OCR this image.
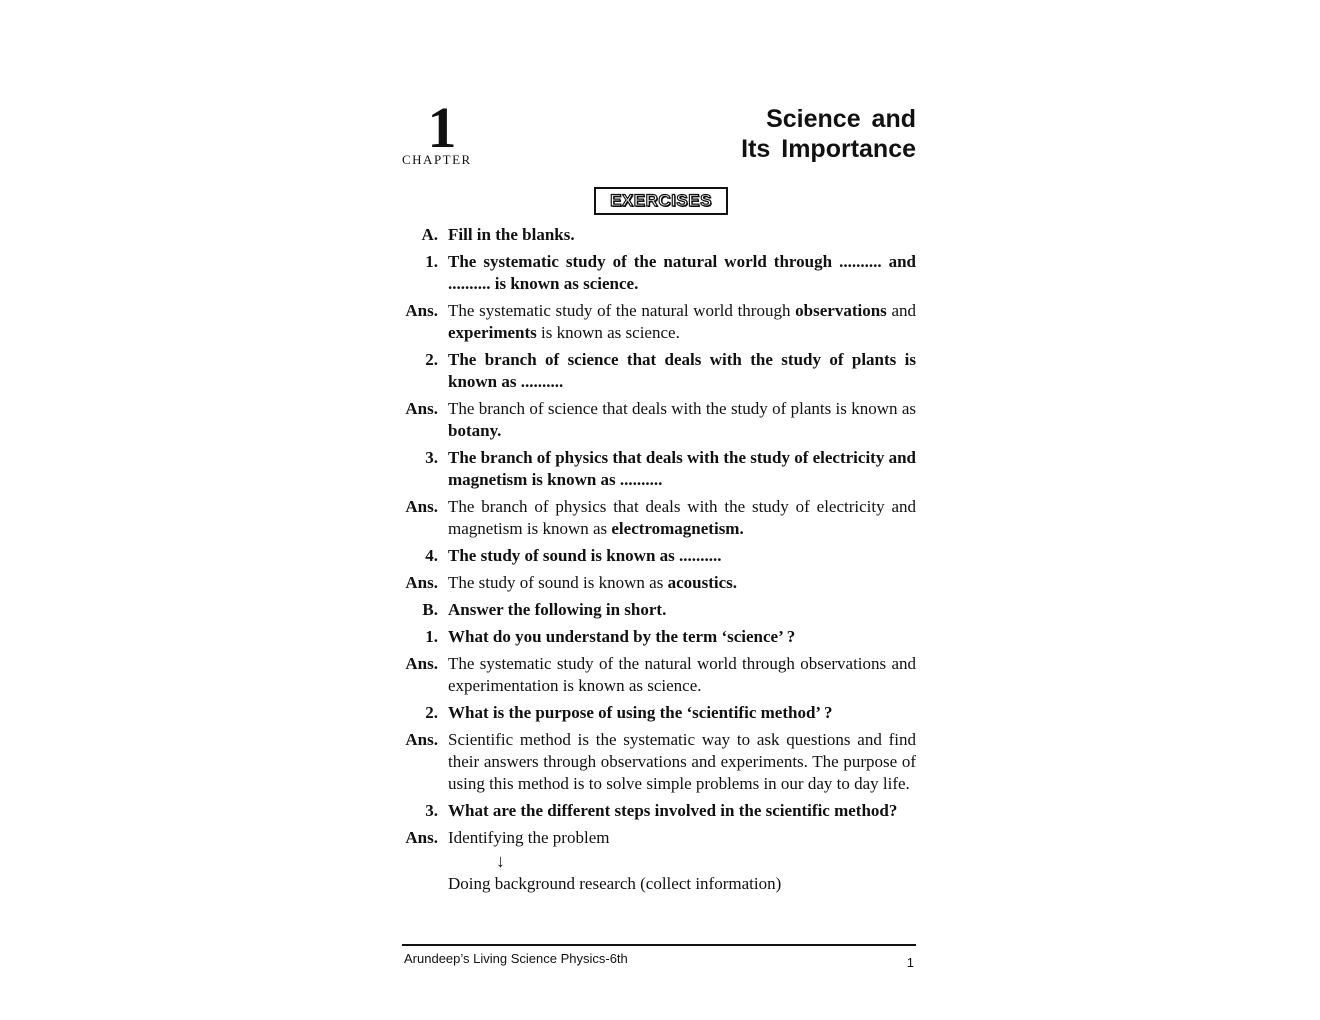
1
CHAPTER
Science and
Its Importance
EXERCISES
A. Fill in the blanks.
1. The systematic study of the natural world through .......... and .......... is known as science.
Ans. The systematic study of the natural world through observations and experiments is known as science.
2. The branch of science that deals with the study of plants is known as ..........
Ans. The branch of science that deals with the study of plants is known as botany.
3. The branch of physics that deals with the study of electricity and magnetism is known as ..........
Ans. The branch of physics that deals with the study of electricity and magnetism is known as electromagnetism.
4. The study of sound is known as ..........
Ans. The study of sound is known as acoustics.
B. Answer the following in short.
1. What do you understand by the term ‘science’ ?
Ans. The systematic study of the natural world through observations and experimentation is known as science.
2. What is the purpose of using the ‘scientific method’ ?
Ans. Scientific method is the systematic way to ask questions and find their answers through observations and experiments. The purpose of using this method is to solve simple problems in our day to day life.
3. What are the different steps involved in the scientific method?
Ans. Identifying the problem
↓
Doing background research (collect information)
Arundeep’s Living Science Physics-6th	1
